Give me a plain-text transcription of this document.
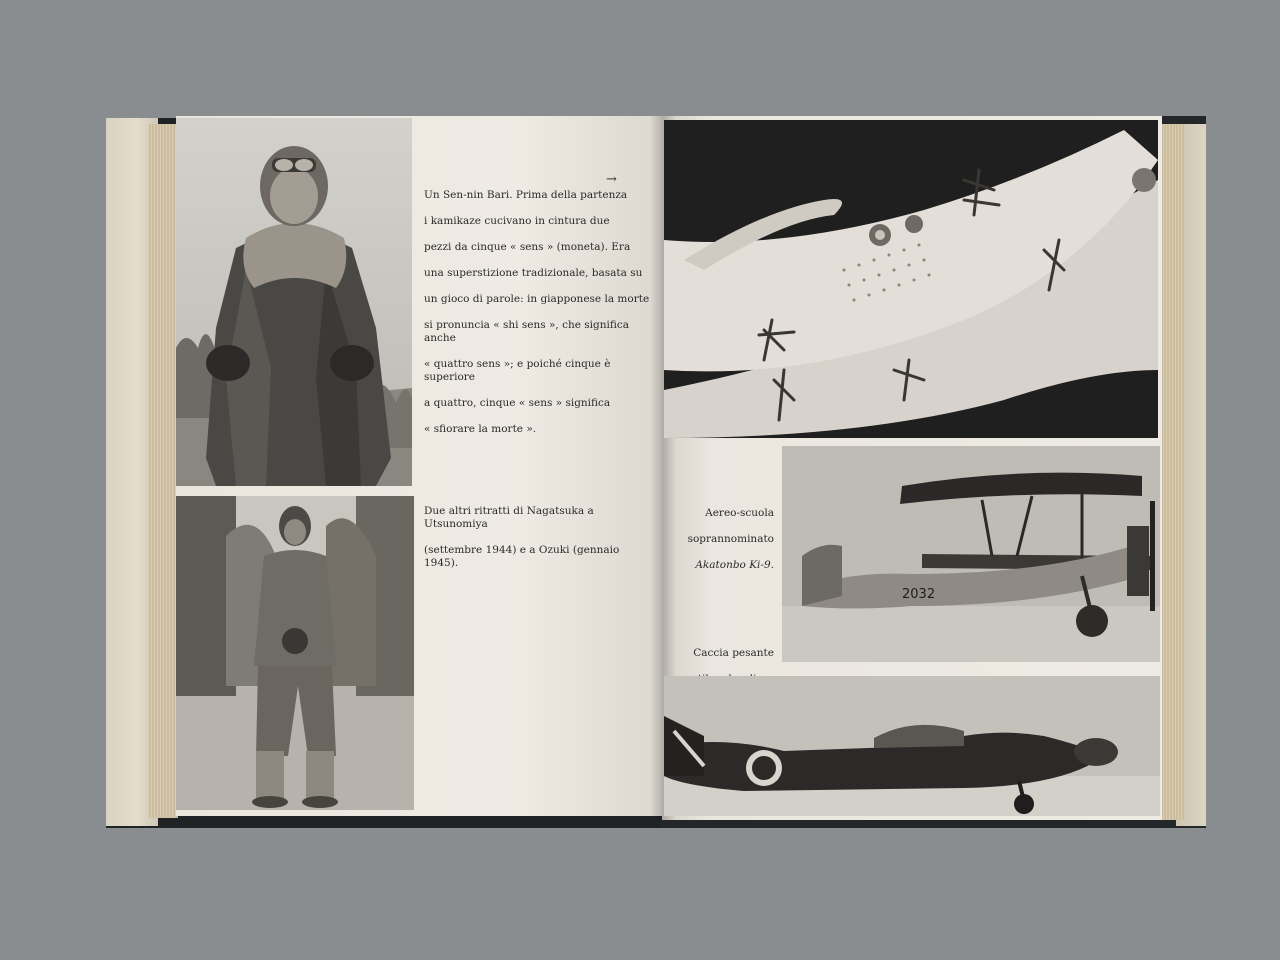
→

Un Sen-nin Bari. Prima della partenza

i kamikaze cucivano in cintura due

pezzi da cinque « sens » (moneta). Era

una superstizione tradizionale, basata su

un gioco di parole: in giapponese la morte

si pronuncia « shi sens », che significa anche

« quattro sens »; e poiché cinque è superiore

a quattro, cinque « sens » significa

« sfiorare la morte ».

Due altri ritratti di Nagatsuka a Utsunomiya

(settembre 1944) e a Ozuki (gennaio 1945).

2032

Aereo-scuola

soprannominato

Akatonbo Ki-9.

Caccia pesante
